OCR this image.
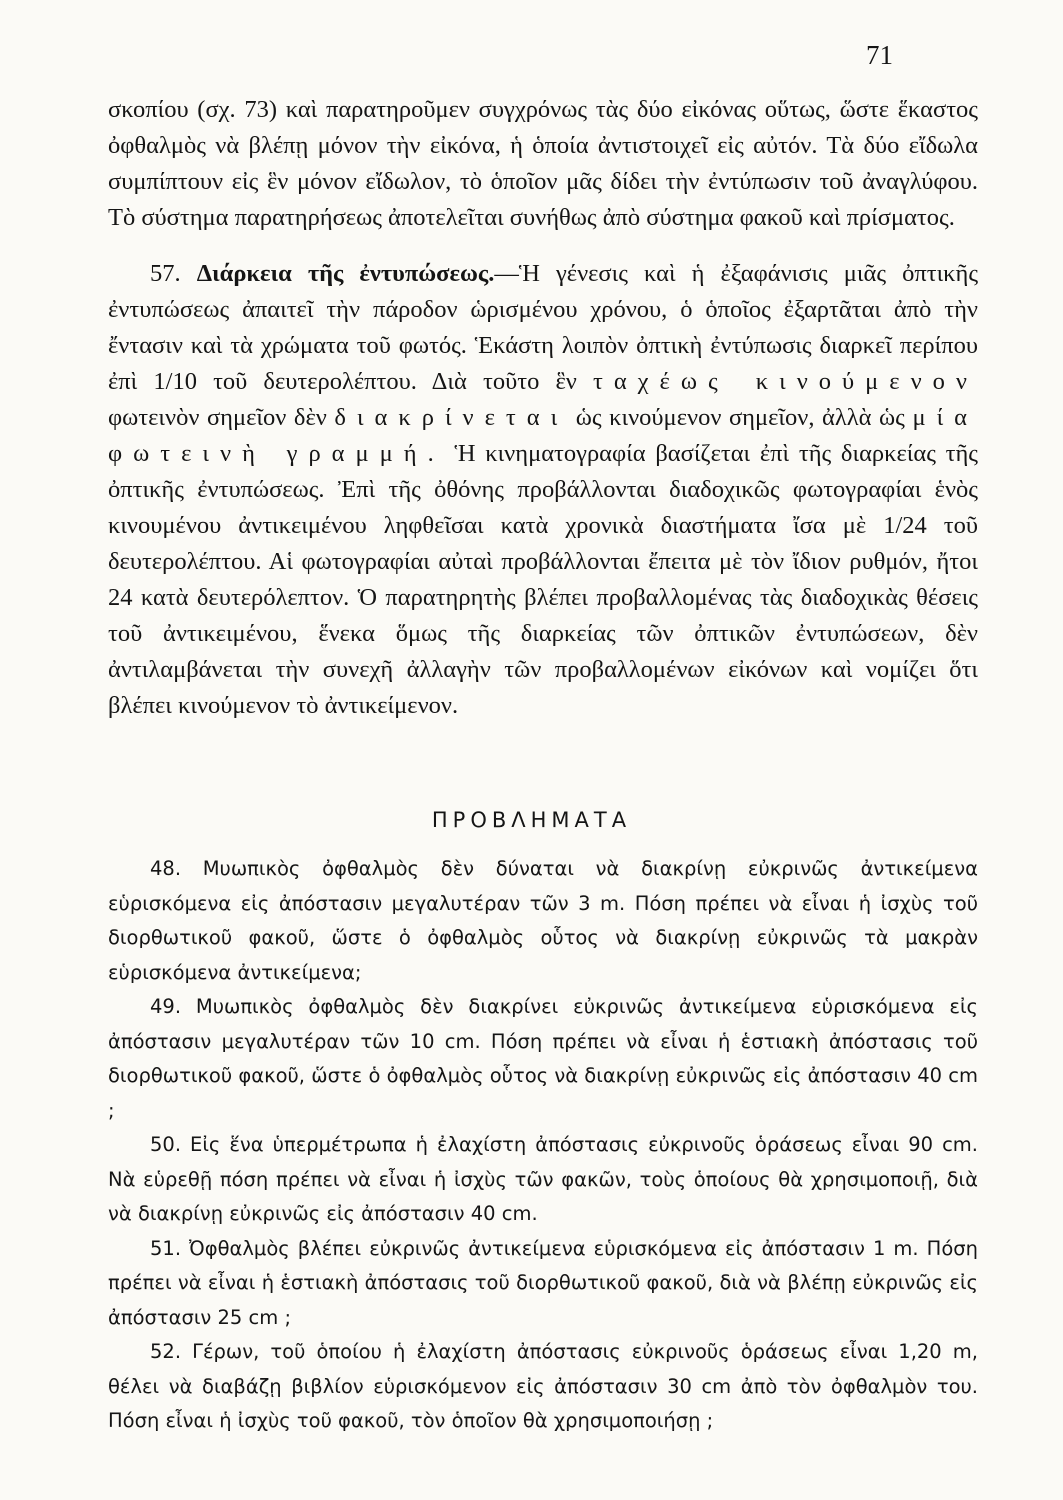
71

σκοπίου (σχ. 73) καὶ παρατηροῦμεν συγχρόνως τὰς δύο εἰκόνας οὕτως, ὥστε ἕκαστος ὀφθαλμὸς νὰ βλέπῃ μόνον τὴν εἰκόνα, ἡ ὁποία ἀντιστοιχεῖ εἰς αὐτόν. Τὰ δύο εἴδωλα συμπίπτουν εἰς ἓν μόνον εἴδωλον, τὸ ὁποῖον μᾶς δίδει τὴν ἐντύπωσιν τοῦ ἀναγλύφου. Τὸ σύστημα παρατηρήσεως ἀποτελεῖται συνήθως ἀπὸ σύστημα φακοῦ καὶ πρίσματος.

57. Διάρκεια τῆς ἐντυπώσεως.—Ἡ γένεσις καὶ ἡ ἐξαφάνισις μιᾶς ὀπτικῆς ἐντυπώσεως ἀπαιτεῖ τὴν πάροδον ὡρισμένου χρόνου, ὁ ὁποῖος ἐξαρτᾶται ἀπὸ τὴν ἔντασιν καὶ τὰ χρώματα τοῦ φωτός. Ἑκάστη λοιπὸν ὀπτικὴ ἐντύπωσις διαρκεῖ περίπου ἐπὶ 1/10 τοῦ δευτερολέπτου. Διὰ τοῦτο ἓν ταχέως κινούμενον φωτεινὸν σημεῖον δὲν διακρίνεται ὡς κινούμενον σημεῖον, ἀλλὰ ὡς μία φωτεινὴ γραμμή. Ἡ κινηματογραφία βασίζεται ἐπὶ τῆς διαρκείας τῆς ὀπτικῆς ἐντυπώσεως. Ἐπὶ τῆς ὀθόνης προβάλλονται διαδοχικῶς φωτογραφίαι ἑνὸς κινουμένου ἀντικειμένου ληφθεῖσαι κατὰ χρονικὰ διαστήματα ἴσα μὲ 1/24 τοῦ δευτερολέπτου. Αἱ φωτογραφίαι αὐταὶ προβάλλονται ἔπειτα μὲ τὸν ἴδιον ρυθμόν, ἤτοι 24 κατὰ δευτερόλεπτον. Ὁ παρατηρητὴς βλέπει προβαλλομένας τὰς διαδοχικὰς θέσεις τοῦ ἀντικειμένου, ἕνεκα ὅμως τῆς διαρκείας τῶν ὀπτικῶν ἐντυπώσεων, δὲν ἀντιλαμβάνεται τὴν συνεχῆ ἀλλαγὴν τῶν προβαλλομένων εἰκόνων καὶ νομίζει ὅτι βλέπει κινούμενον τὸ ἀντικείμενον.

ΠΡΟΒΛΗΜΑΤΑ

48. Μυωπικὸς ὀφθαλμὸς δὲν δύναται νὰ διακρίνῃ εὐκρινῶς ἀντικείμενα εὑρισκόμενα εἰς ἀπόστασιν μεγαλυτέραν τῶν 3 m. Πόση πρέπει νὰ εἶναι ἡ ἰσχὺς τοῦ διορθωτικοῦ φακοῦ, ὥστε ὁ ὀφθαλμὸς οὗτος νὰ διακρίνῃ εὐκρινῶς τὰ μακρὰν εὑρισκόμενα ἀντικείμενα;

49. Μυωπικὸς ὀφθαλμὸς δὲν διακρίνει εὐκρινῶς ἀντικείμενα εὑρισκόμενα εἰς ἀπόστασιν μεγαλυτέραν τῶν 10 cm. Πόση πρέπει νὰ εἶναι ἡ ἑστιακὴ ἀπόστασις τοῦ διορθωτικοῦ φακοῦ, ὥστε ὁ ὀφθαλμὸς οὗτος νὰ διακρίνῃ εὐκρινῶς εἰς ἀπόστασιν 40 cm ;

50. Εἰς ἕνα ὑπερμέτρωπα ἡ ἐλαχίστη ἀπόστασις εὐκρινοῦς ὁράσεως εἶναι 90 cm. Νὰ εὑρεθῇ πόση πρέπει νὰ εἶναι ἡ ἰσχὺς τῶν φακῶν, τοὺς ὁποίους θὰ χρησιμοποιῇ, διὰ νὰ διακρίνῃ εὐκρινῶς εἰς ἀπόστασιν 40 cm.

51. Ὀφθαλμὸς βλέπει εὐκρινῶς ἀντικείμενα εὑρισκόμενα εἰς ἀπόστασιν 1 m. Πόση πρέπει νὰ εἶναι ἡ ἑστιακὴ ἀπόστασις τοῦ διορθωτικοῦ φακοῦ, διὰ νὰ βλέπῃ εὐκρινῶς εἰς ἀπόστασιν 25 cm ;

52. Γέρων, τοῦ ὁποίου ἡ ἐλαχίστη ἀπόστασις εὐκρινοῦς ὁράσεως εἶναι 1,20 m, θέλει νὰ διαβάζῃ βιβλίον εὑρισκόμενον εἰς ἀπόστασιν 30 cm ἀπὸ τὸν ὀφθαλμὸν του. Πόση εἶναι ἡ ἰσχὺς τοῦ φακοῦ, τὸν ὁποῖον θὰ χρησιμοποιήσῃ ;
